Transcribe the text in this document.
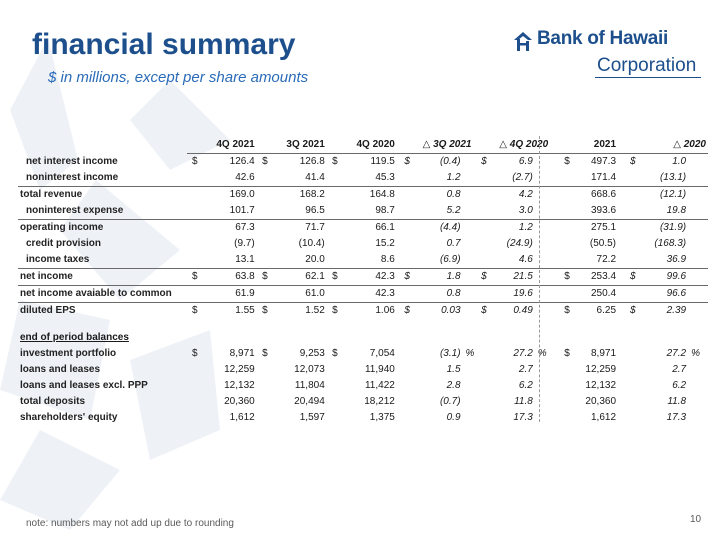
financial summary

$ in millions, except per share amounts

Bank of Hawaii
Corporation
	4Q 2021		3Q 2021		4Q 2020		△ 3Q 2021			△ 4Q 2020			2021		△ 2020		
net interest income	$	126.4	$	126.8	$	119.5	$	(0.4)		$	6.9		$	497.3	$	1.0	
noninterest income		42.6		41.4		45.3		1.2			(2.7)			171.4		(13.1)	
total revenue		169.0		168.2		164.8		0.8			4.2			668.6		(12.1)	
noninterest expense		101.7		96.5		98.7		5.2			3.0			393.6		19.8	
operating income		67.3		71.7		66.1		(4.4)			1.2			275.1		(31.9)	
credit provision		(9.7)		(10.4)		15.2		0.7			(24.9)			(50.5)		(168.3)	
income taxes		13.1		20.0		8.6		(6.9)			4.6			72.2		36.9	
net income	$	63.8	$	62.1	$	42.3	$	1.8		$	21.5		$	253.4	$	99.6	
net income avaiable to common		61.9		61.0		42.3		0.8			19.6			250.4		96.6	
diluted EPS	$	1.55	$	1.52	$	1.06	$	0.03		$	0.49		$	6.25	$	2.39	

end of period balances																	
investment portfolio	$	8,971	$	9,253	$	7,054		(3.1)	%		27.2	%	$	8,971		27.2	%
loans and leases		12,259		12,073		11,940		1.5			2.7			12,259		2.7	
loans and leases excl. PPP		12,132		11,804		11,422		2.8			6.2			12,132		6.2	
total deposits		20,360		20,494		18,212		(0.7)			11.8			20,360		11.8	
shareholders' equity		1,612		1,597		1,375		0.9			17.3			1,612		17.3	
note: numbers may not add up due to rounding	10
